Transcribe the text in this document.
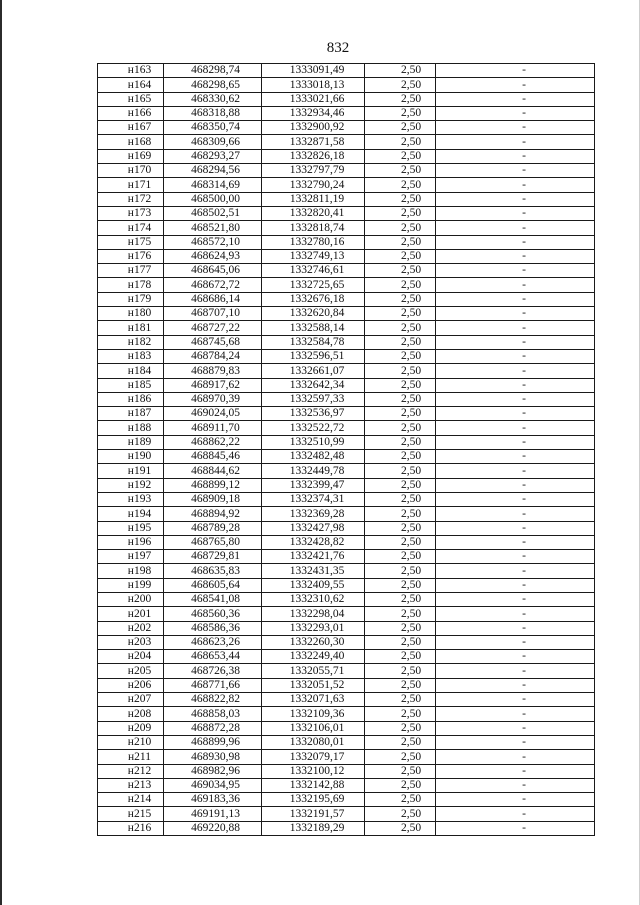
832
н163	468298,74	1333091,49	2,50	-
н164	468298,65	1333018,13	2,50	-
н165	468330,62	1333021,66	2,50	-
н166	468318,88	1332934,46	2,50	-
н167	468350,74	1332900,92	2,50	-
н168	468309,66	1332871,58	2,50	-
н169	468293,27	1332826,18	2,50	-
н170	468294,56	1332797,79	2,50	-
н171	468314,69	1332790,24	2,50	-
н172	468500,00	1332811,19	2,50	-
н173	468502,51	1332820,41	2,50	-
н174	468521,80	1332818,74	2,50	-
н175	468572,10	1332780,16	2,50	-
н176	468624,93	1332749,13	2,50	-
н177	468645,06	1332746,61	2,50	-
н178	468672,72	1332725,65	2,50	-
н179	468686,14	1332676,18	2,50	-
н180	468707,10	1332620,84	2,50	-
н181	468727,22	1332588,14	2,50	-
н182	468745,68	1332584,78	2,50	-
н183	468784,24	1332596,51	2,50	-
н184	468879,83	1332661,07	2,50	-
н185	468917,62	1332642,34	2,50	-
н186	468970,39	1332597,33	2,50	-
н187	469024,05	1332536,97	2,50	-
н188	468911,70	1332522,72	2,50	-
н189	468862,22	1332510,99	2,50	-
н190	468845,46	1332482,48	2,50	-
н191	468844,62	1332449,78	2,50	-
н192	468899,12	1332399,47	2,50	-
н193	468909,18	1332374,31	2,50	-
н194	468894,92	1332369,28	2,50	-
н195	468789,28	1332427,98	2,50	-
н196	468765,80	1332428,82	2,50	-
н197	468729,81	1332421,76	2,50	-
н198	468635,83	1332431,35	2,50	-
н199	468605,64	1332409,55	2,50	-
н200	468541,08	1332310,62	2,50	-
н201	468560,36	1332298,04	2,50	-
н202	468586,36	1332293,01	2,50	-
н203	468623,26	1332260,30	2,50	-
н204	468653,44	1332249,40	2,50	-
н205	468726,38	1332055,71	2,50	-
н206	468771,66	1332051,52	2,50	-
н207	468822,82	1332071,63	2,50	-
н208	468858,03	1332109,36	2,50	-
н209	468872,28	1332106,01	2,50	-
н210	468899,96	1332080,01	2,50	-
н211	468930,98	1332079,17	2,50	-
н212	468982,96	1332100,12	2,50	-
н213	469034,95	1332142,88	2,50	-
н214	469183,36	1332195,69	2,50	-
н215	469191,13	1332191,57	2,50	-
н216	469220,88	1332189,29	2,50	-
